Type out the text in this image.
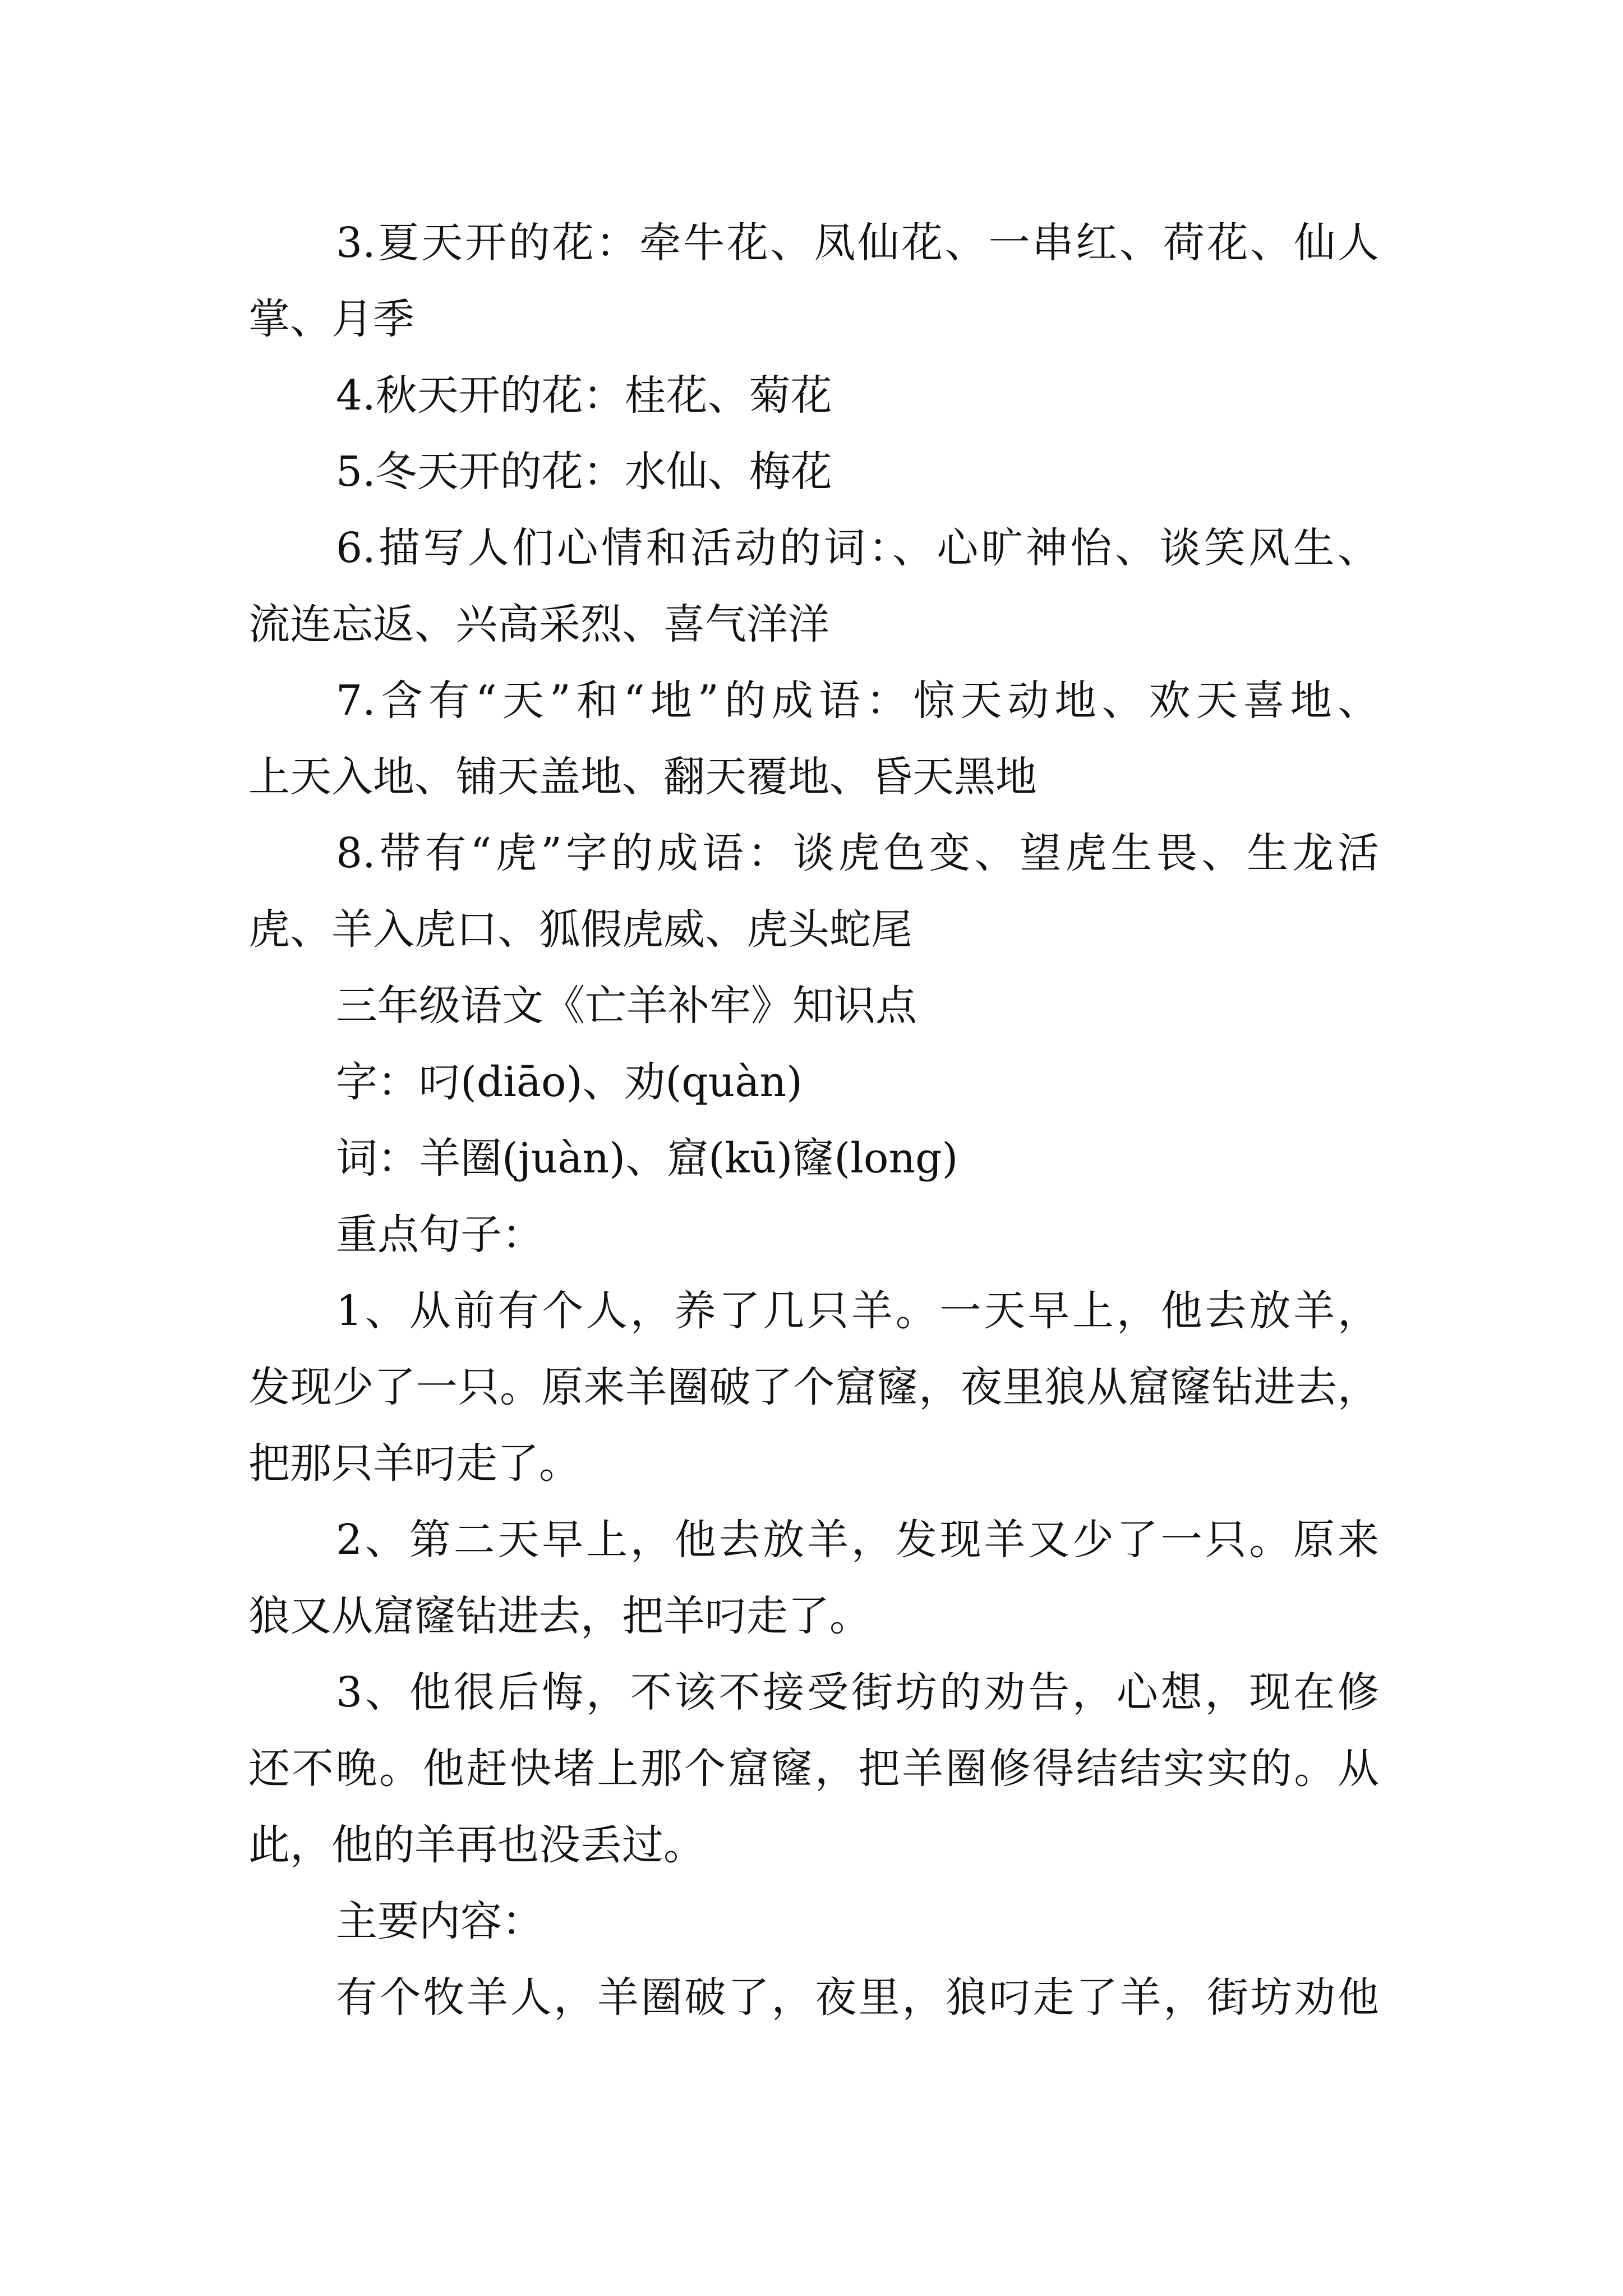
3.夏天开的花：牵牛花、凤仙花、一串红、荷花、仙人
掌、月季
4.秋天开的花：桂花、菊花
5.冬天开的花：水仙、梅花
6.描写人们心情和活动的词：、心旷神怡、谈笑风生、
流连忘返、兴高采烈、喜气洋洋
7.含有“天”和“地”的成语：惊天动地、欢天喜地、
上天入地、铺天盖地、翻天覆地、昏天黑地
8.带有“虎”字的成语：谈虎色变、望虎生畏、生龙活
虎、羊入虎口、狐假虎威、虎头蛇尾
三年级语文《亡羊补牢》知识点
字：叼(diāo)、劝(quàn)
词：羊圈(juàn)、窟(kū)窿(long)
重点句子：
1、从前有个人，养了几只羊。一天早上，他去放羊，
发现少了一只。原来羊圈破了个窟窿，夜里狼从窟窿钻进去，
把那只羊叼走了。
2、第二天早上，他去放羊，发现羊又少了一只。原来
狼又从窟窿钻进去，把羊叼走了。
3、他很后悔，不该不接受街坊的劝告，心想，现在修
还不晚。他赶快堵上那个窟窿，把羊圈修得结结实实的。从
此，他的羊再也没丢过。
主要内容：
有个牧羊人，羊圈破了，夜里，狼叼走了羊，街坊劝他
